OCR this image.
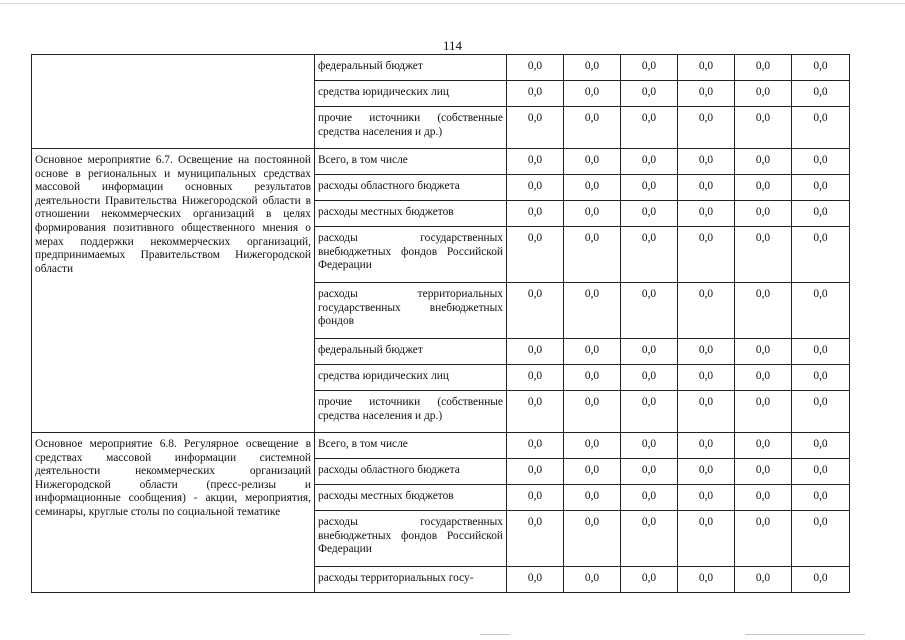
114
	федеральный бюджет	0,0	0,0	0,0	0,0	0,0	0,0
	средства юридических лиц	0,0	0,0	0,0	0,0	0,0	0,0
	прочие источники (собственные средства населения и др.)	0,0	0,0	0,0	0,0	0,0	0,0
Основное мероприятие 6.7. Освещение на постоянной основе в региональных и муниципальных средствах массовой информации основных результатов деятельности Правительства Нижегородской области в отношении некоммерческих организаций в целях формирования позитивного общественного мнения о мерах поддержки некоммерческих организаций, предпринимаемых Правительством Нижегородской области	Всего, в том числе	0,0	0,0	0,0	0,0	0,0	0,0
	расходы областного бюджета	0,0	0,0	0,0	0,0	0,0	0,0
	расходы местных бюджетов	0,0	0,0	0,0	0,0	0,0	0,0
	расходы государственных внебюджетных фондов Российской Федерации	0,0	0,0	0,0	0,0	0,0	0,0
	расходы территориальных государственных внебюджетных фондов	0,0	0,0	0,0	0,0	0,0	0,0
	федеральный бюджет	0,0	0,0	0,0	0,0	0,0	0,0
	средства юридических лиц	0,0	0,0	0,0	0,0	0,0	0,0
	прочие источники (собственные средства населения и др.)	0,0	0,0	0,0	0,0	0,0	0,0
Основное мероприятие 6.8. Регулярное освещение в средствах массовой информации системной деятельности некоммерческих организаций Нижегородской области (пресс-релизы и информационные сообщения) - акции, мероприятия, семинары, круглые столы по социальной тематике	Всего, в том числе	0,0	0,0	0,0	0,0	0,0	0,0
	расходы областного бюджета	0,0	0,0	0,0	0,0	0,0	0,0
	расходы местных бюджетов	0,0	0,0	0,0	0,0	0,0	0,0
	расходы государственных внебюджетных фондов Российской Федерации	0,0	0,0	0,0	0,0	0,0	0,0
	расходы территориальных госу-	0,0	0,0	0,0	0,0	0,0	0,0
